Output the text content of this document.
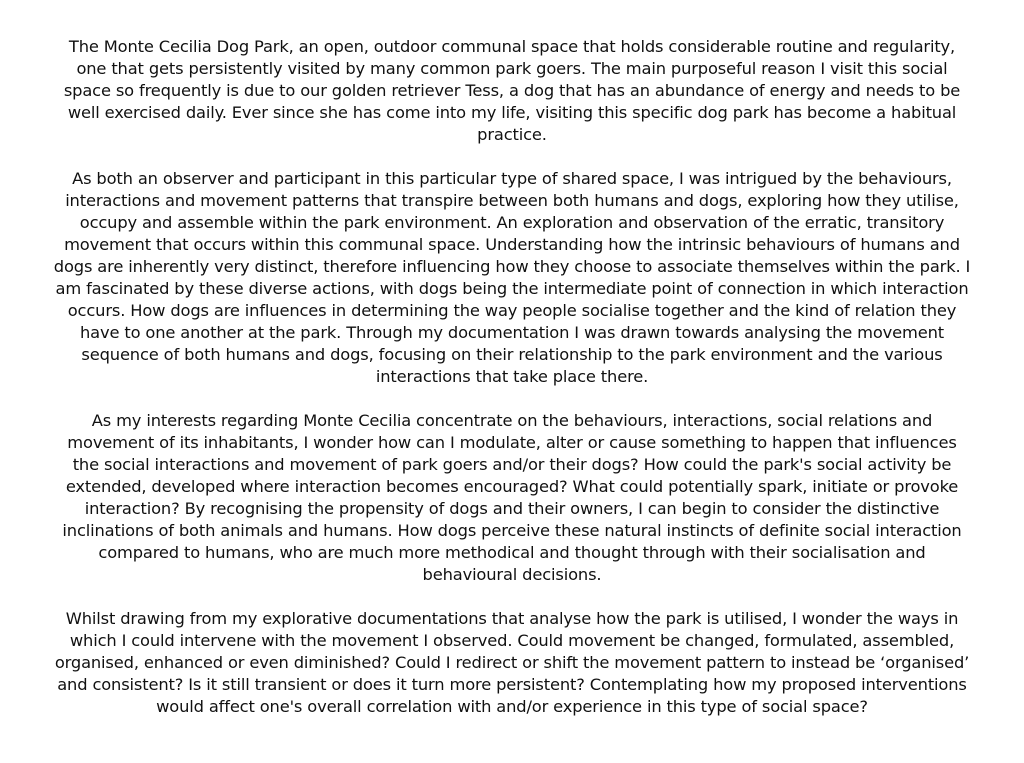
The Monte Cecilia Dog Park, an open, outdoor communal space that holds considerable routine and regularity, one that gets persistently visited by many common park goers. The main purposeful reason I visit this social space so frequently is due to our golden retriever Tess, a dog that has an abundance of energy and needs to be well exercised daily. Ever since she has come into my life, visiting this specific dog park has become a habitual practice.

As both an observer and participant in this particular type of shared space, I was intrigued by the behaviours, interactions and movement patterns that transpire between both humans and dogs, exploring how they utilise, occupy and assemble within the park environment. An exploration and observation of the erratic, transitory movement that occurs within this communal space. Understanding how the intrinsic behaviours of humans and dogs are inherently very distinct, therefore influencing how they choose to associate themselves within the park. I am fascinated by these diverse actions, with dogs being the intermediate point of connection in which interaction occurs. How dogs are influences in determining the way people socialise together and the kind of relation they have to one another at the park. Through my documentation I was drawn towards analysing the movement sequence of both humans and dogs, focusing on their relationship to the park environment and the various interactions that take place there.

As my interests regarding Monte Cecilia concentrate on the behaviours, interactions, social relations and movement of its inhabitants, I wonder how can I modulate, alter or cause something to happen that influences the social interactions and movement of park goers and/or their dogs? How could the park's social activity be extended, developed where interaction becomes encouraged? What could potentially spark, initiate or provoke interaction? By recognising the propensity of dogs and their owners, I can begin to consider the distinctive inclinations of both animals and humans. How dogs perceive these natural instincts of definite social interaction compared to humans, who are much more methodical and thought through with their socialisation and behavioural decisions.

Whilst drawing from my explorative documentations that analyse how the park is utilised, I wonder the ways in which I could intervene with the movement I observed. Could movement be changed, formulated, assembled, organised, enhanced or even diminished? Could I redirect or shift the movement pattern to instead be ‘organised’ and consistent? Is it still transient or does it turn more persistent? Contemplating how my proposed interventions would affect one's overall correlation with and/or experience in this type of social space?
